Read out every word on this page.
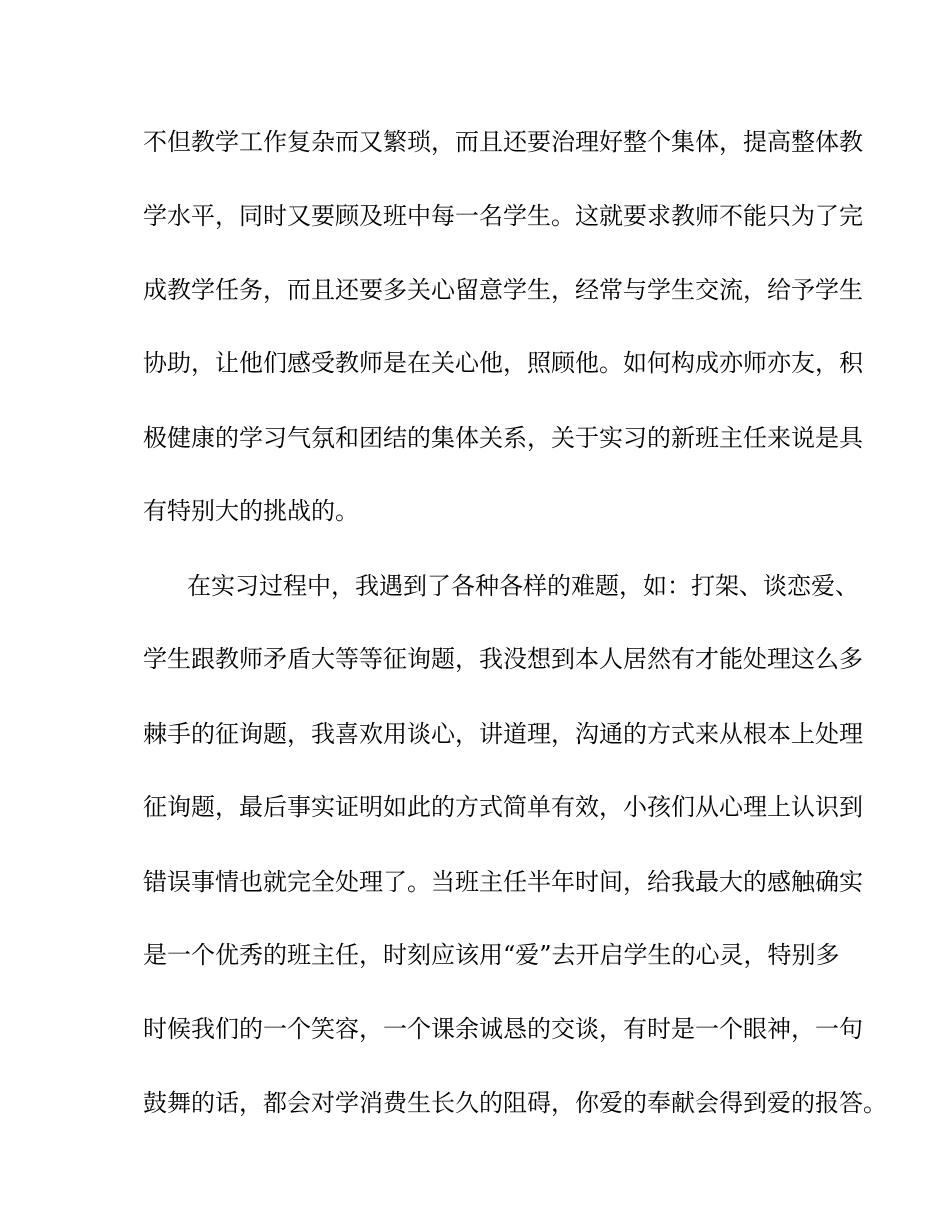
不但教学工作复杂而又繁琐，而且还要治理好整个集体，提高整体教
学水平，同时又要顾及班中每一名学生。这就要求教师不能只为了完
成教学任务，而且还要多关心留意学生，经常与学生交流，给予学生
协助，让他们感受教师是在关心他，照顾他。如何构成亦师亦友，积
极健康的学习气氛和团结的集体关系，关于实习的新班主任来说是具
有特别大的挑战的。
在实习过程中，我遇到了各种各样的难题，如：打架、谈恋爱、
学生跟教师矛盾大等等征询题，我没想到本人居然有才能处理这么多
棘手的征询题，我喜欢用谈心，讲道理，沟通的方式来从根本上处理
征询题，最后事实证明如此的方式简单有效，小孩们从心理上认识到
错误事情也就完全处理了。当班主任半年时间，给我最大的感触确实
是一个优秀的班主任，时刻应该用“爱”去开启学生的心灵，特别多
时候我们的一个笑容，一个课余诚恳的交谈，有时是一个眼神，一句
鼓舞的话，都会对学消费生长久的阻碍，你爱的奉献会得到爱的报答。
